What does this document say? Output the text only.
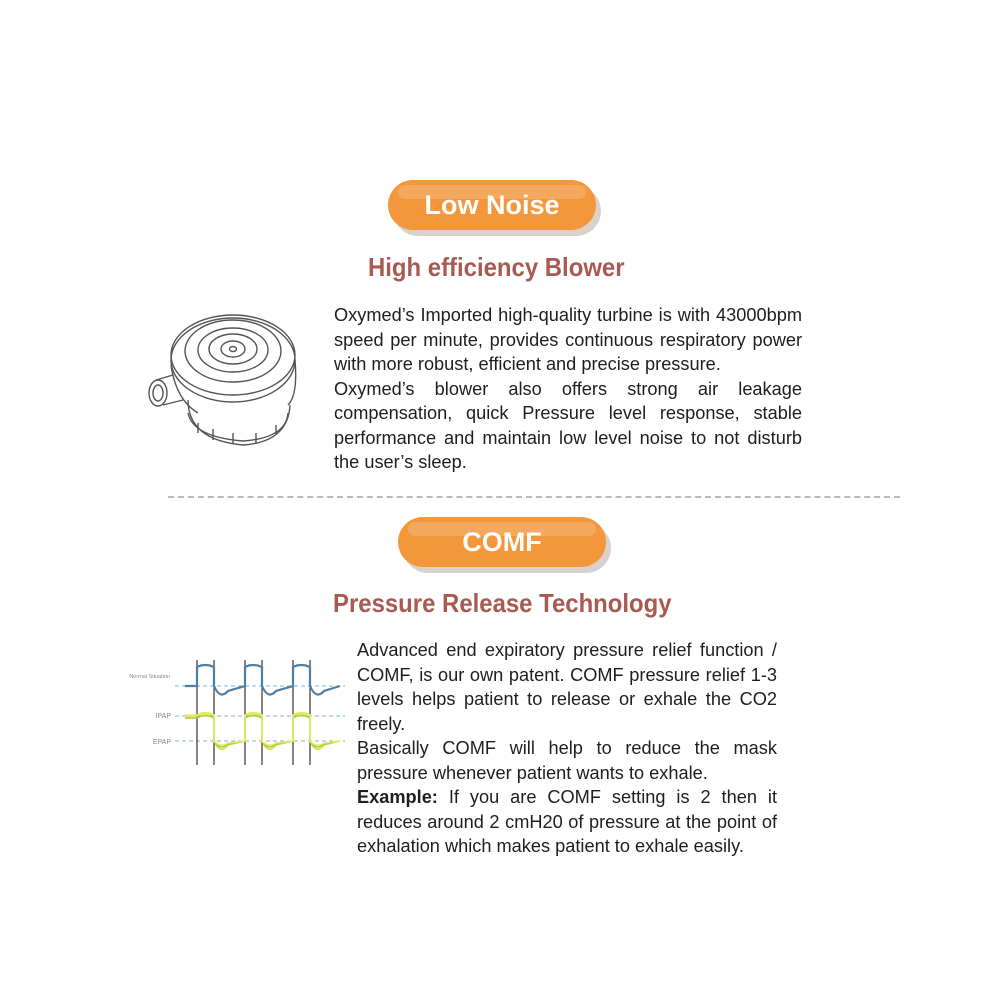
Low Noise
High efficiency Blower

Oxymed’s Imported high-quality turbine is with 43000bpm speed per minute, provides continuous respiratory power with more robust, efficient and precise pressure.

Oxymed’s blower also offers strong air leakage compensation, quick Pressure level response, stable performance and maintain low level noise to not disturb the user’s sleep.

COMF
Pressure Release Technology
Normal Situation
IPAP
EPAP

Advanced end expiratory pressure relief function / COMF, is our own patent. COMF pressure relief 1-3 levels helps patient to release or exhale the CO2 freely.

Basically COMF will help to reduce the mask pressure whenever patient wants to exhale.

Example: If you are COMF setting is 2 then it reduces around 2 cmH20 of pressure at the point of exhalation which makes patient to exhale easily.
